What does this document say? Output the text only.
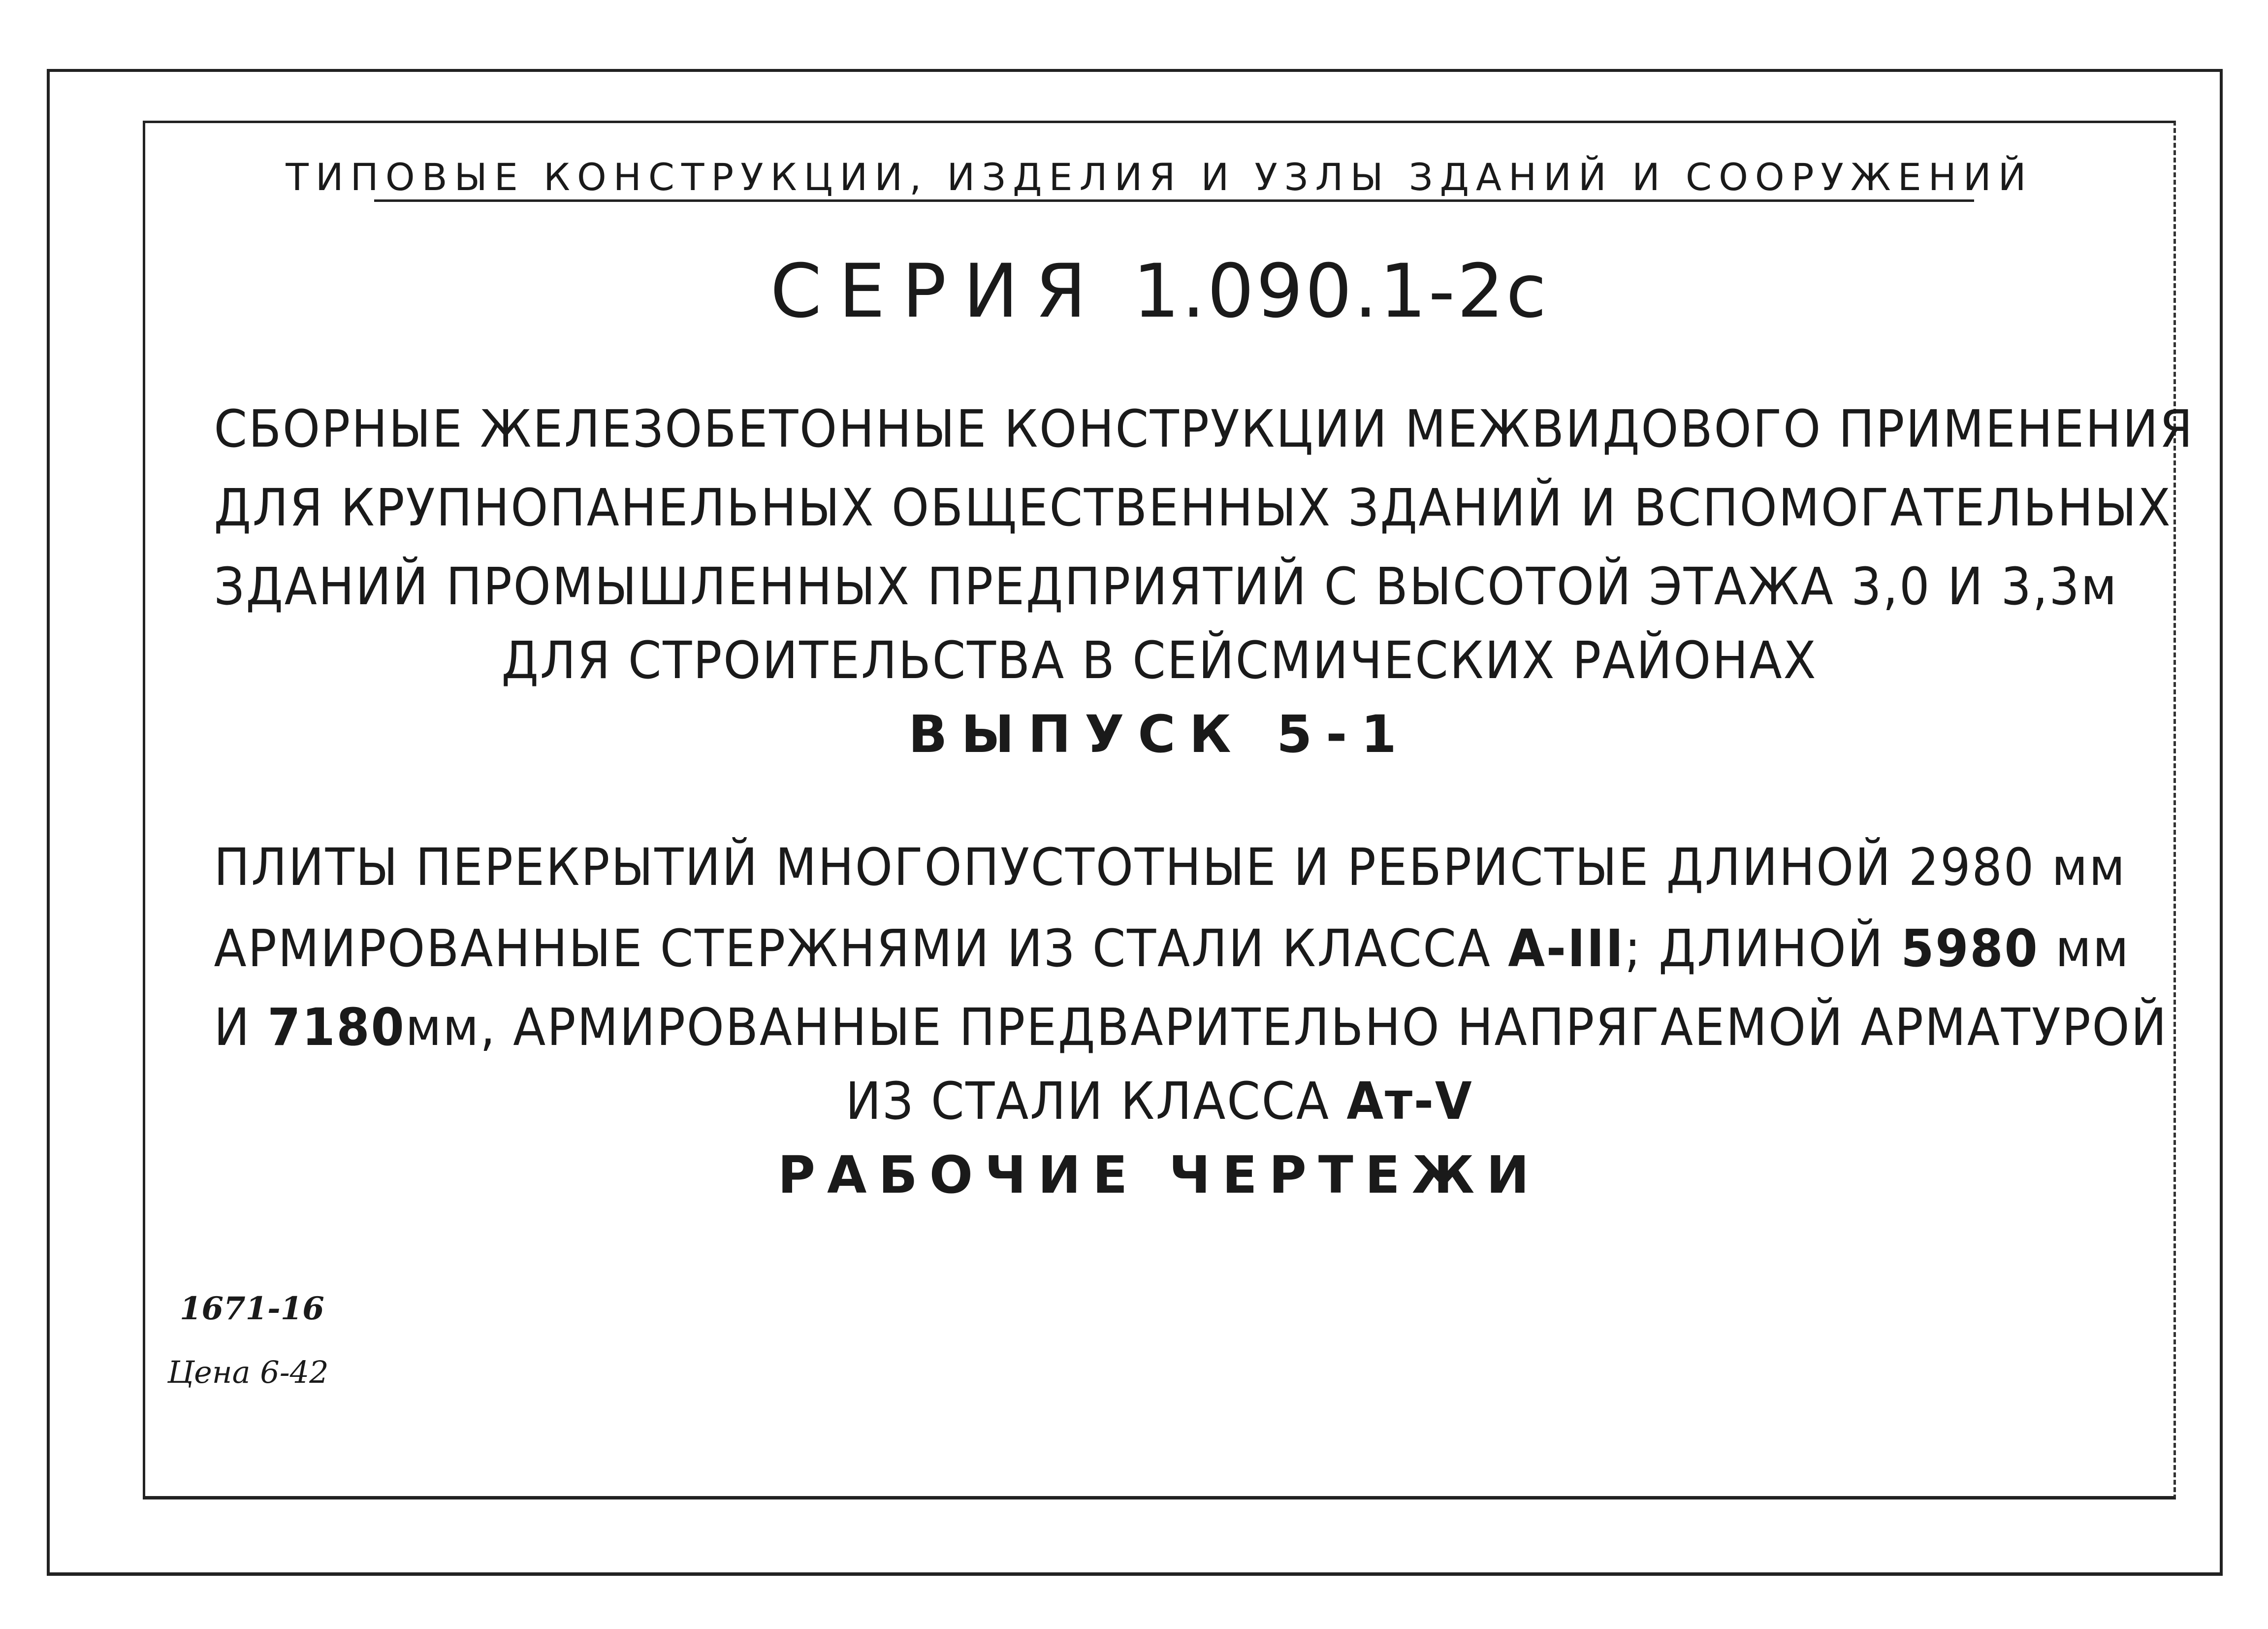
ТИПОВЫЕ КОНСТРУКЦИИ, ИЗДЕЛИЯ И УЗЛЫ ЗДАНИЙ И СООРУЖЕНИЙ
СЕРИЯ 1.090.1-2с
СБОРНЫЕ ЖЕЛЕЗОБЕТОННЫЕ КОНСТРУКЦИИ МЕЖВИДОВОГО ПРИМЕНЕНИЯ
ДЛЯ КРУПНОПАНЕЛЬНЫХ ОБЩЕСТВЕННЫХ ЗДАНИЙ И ВСПОМОГАТЕЛЬНЫХ
ЗДАНИЙ ПРОМЫШЛЕННЫХ ПРЕДПРИЯТИЙ С ВЫСОТОЙ ЭТАЖА 3,0 И 3,3м
ДЛЯ СТРОИТЕЛЬСТВА В СЕЙСМИЧЕСКИХ РАЙОНАХ
ВЫПУСК 5-1
ПЛИТЫ ПЕРЕКРЫТИЙ МНОГОПУСТОТНЫЕ И РЕБРИСТЫЕ ДЛИНОЙ 2980 мм
АРМИРОВАННЫЕ СТЕРЖНЯМИ ИЗ СТАЛИ КЛАССА А-III; ДЛИНОЙ 5980 мм
И 7180мм, АРМИРОВАННЫЕ ПРЕДВАРИТЕЛЬНО НАПРЯГАЕМОЙ АРМАТУРОЙ
ИЗ СТАЛИ КЛАССА Ат-V
РАБОЧИЕ ЧЕРТЕЖИ
1671-16
Цена 6-42
